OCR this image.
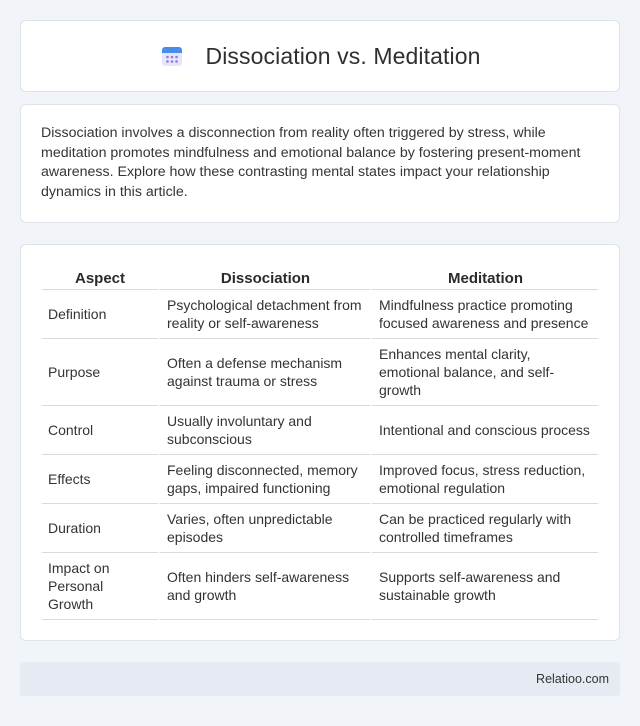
Dissociation vs. Meditation

Dissociation involves a disconnection from reality often triggered by stress, while meditation promotes mindfulness and emotional balance by fostering present-moment awareness. Explore how these contrasting mental states impact your relationship dynamics in this article.

Aspect	Dissociation	Meditation
Definition	Psychological detachment from reality or self-awareness	Mindfulness practice promoting focused awareness and presence
Purpose	Often a defense mechanism against trauma or stress	Enhances mental clarity, emotional balance, and self-growth
Control	Usually involuntary and subconscious	Intentional and conscious process
Effects	Feeling disconnected, memory gaps, impaired functioning	Improved focus, stress reduction, emotional regulation
Duration	Varies, often unpredictable episodes	Can be practiced regularly with controlled timeframes
Impact on Personal Growth	Often hinders self-awareness and growth	Supports self-awareness and sustainable growth
Relatioo.com
